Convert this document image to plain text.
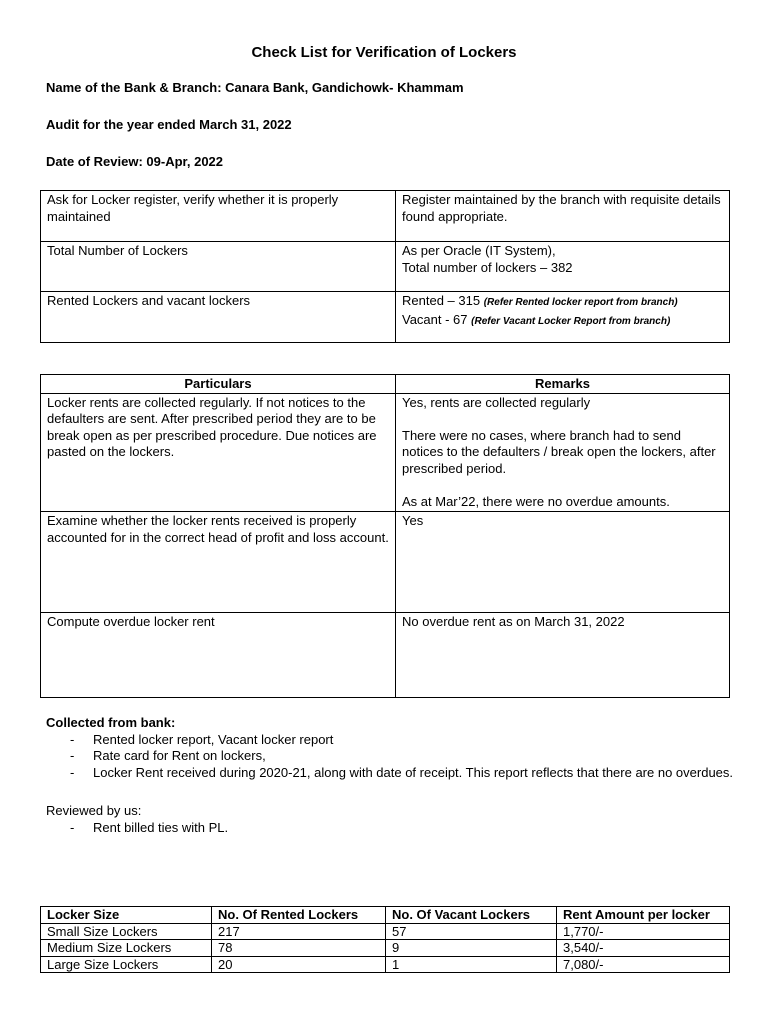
Check List for Verification of Lockers
Name of the Bank & Branch: Canara Bank, Gandichowk- Khammam
Audit for the year ended March 31, 2022
Date of Review: 09-Apr, 2022
Ask for Locker register, verify whether it is properly maintained	Register maintained by the branch with requisite details found appropriate.

Total Number of Lockers	As per Oracle (IT System),
Total number of lockers – 382

Rented Lockers and vacant lockers	Rented – 315 (Refer Rented locker report from branch)
Vacant - 67 (Refer Vacant Locker Report from branch)
Particulars	Remarks
Locker rents are collected regularly. If not notices to the defaulters are sent. After prescribed period they are to be break open as per prescribed procedure. Due notices are pasted on the lockers.	Yes, rents are collected regularly

There were no cases, where branch had to send notices to the defaulters / break open the lockers, after prescribed period.

As at Mar’22, there were no overdue amounts.

Examine whether the locker rents received is properly accounted for in the correct head of profit and loss account.	Yes

Compute overdue locker rent	No overdue rent as on March 31, 2022

Collected from bank:
- Rented locker report, Vacant locker report
- Rate card for Rent on lockers,
- Locker Rent received during 2020-21, along with date of receipt. This report reflects that there are no overdues.
Reviewed by us:
- Rent billed ties with PL.
Locker Size	No. Of Rented Lockers	No. Of Vacant Lockers	Rent Amount per locker
Small Size Lockers	217	57	1,770/-
Medium Size Lockers	78	9	3,540/-
Large Size Lockers	20	1	7,080/-
